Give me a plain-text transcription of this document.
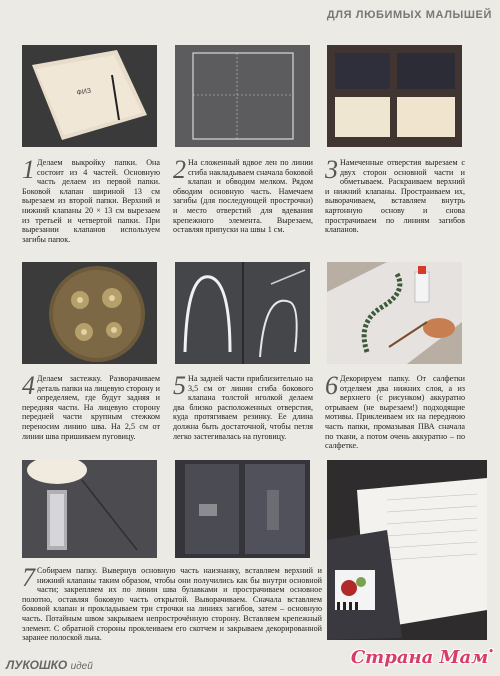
ДЛЯ ЛЮБИМЫХ МАЛЫШЕЙ
ФИЗ
1 Делаем выкройку папки. Она состоит из 4 частей. Основную часть делаем из первой папки. Боковой клапан шириной 13 см вырезаем из второй папки. Верхний и нижний клапаны 20 × 13 см вырезаем из третьей и четвертой папки. При вырезании клапанов используем загибы папок.
2 На сложенный вдвое лен по линии сгиба накладываем сначала боковой клапан и обводим мелком. Рядом обводим основную часть. Намечаем загибы (для последующей прострочки) и место отверстий для вдевания крепежного элемента. Вырезаем, оставляя припуски на швы 1 см.
3 Намеченные отверстия вырезаем с двух сторон основной части и обметываем. Раскраиваем верхний и нижний клапаны. Простраиваем их, выворачиваем, вставляем внутрь картонную основу и снова прострачиваем по линиям загибов клапанов.
4 Делаем застежку. Разворачиваем деталь папки на лицевую сторону и определяем, где будут задняя и передняя части. На лицевую сторону передней части крупным стежком переносим линию шва. На 2,5 см от линии шва пришиваем пуговицу.
5 На задней части приблизительно на 3,5 см от линии сгиба бокового клапана толстой иголкой делаем два близко расположенных отверстия, куда протягиваем резинку. Ее длина должна быть достаточной, чтобы петля легко застегивалась на пуговицу.
6 Декорируем папку. От салфетки отделяем два нижних слоя, а из верхнего (с рисунком) аккуратно отрываем (не вырезаем!) подходящие мотивы. Приклеиваем их на переднюю часть папки, промазывая ПВА сначала по ткани, а потом очень аккуратно – по салфетке.
7 Собираем папку. Вывернув основную часть наизнанку, вставляем верхний и нижний клапаны таким образом, чтобы они получились как бы внутри основной части; закрепляем их по линии шва булавками и прострачиваем основное полотно, оставляя боковую часть открытой. Выворачиваем. Сначала вставляем боковой клапан и прокладываем три строчки на линиях загибов, затем – основную часть. Потайным швом закрываем непрострочённую сторону. Вставляем крепежный элемент. С обратной стороны проклеиваем его скотчем и закрываем декорированной заранее полоской льна.
ЛУКОШКО идей	Страна Мам•
